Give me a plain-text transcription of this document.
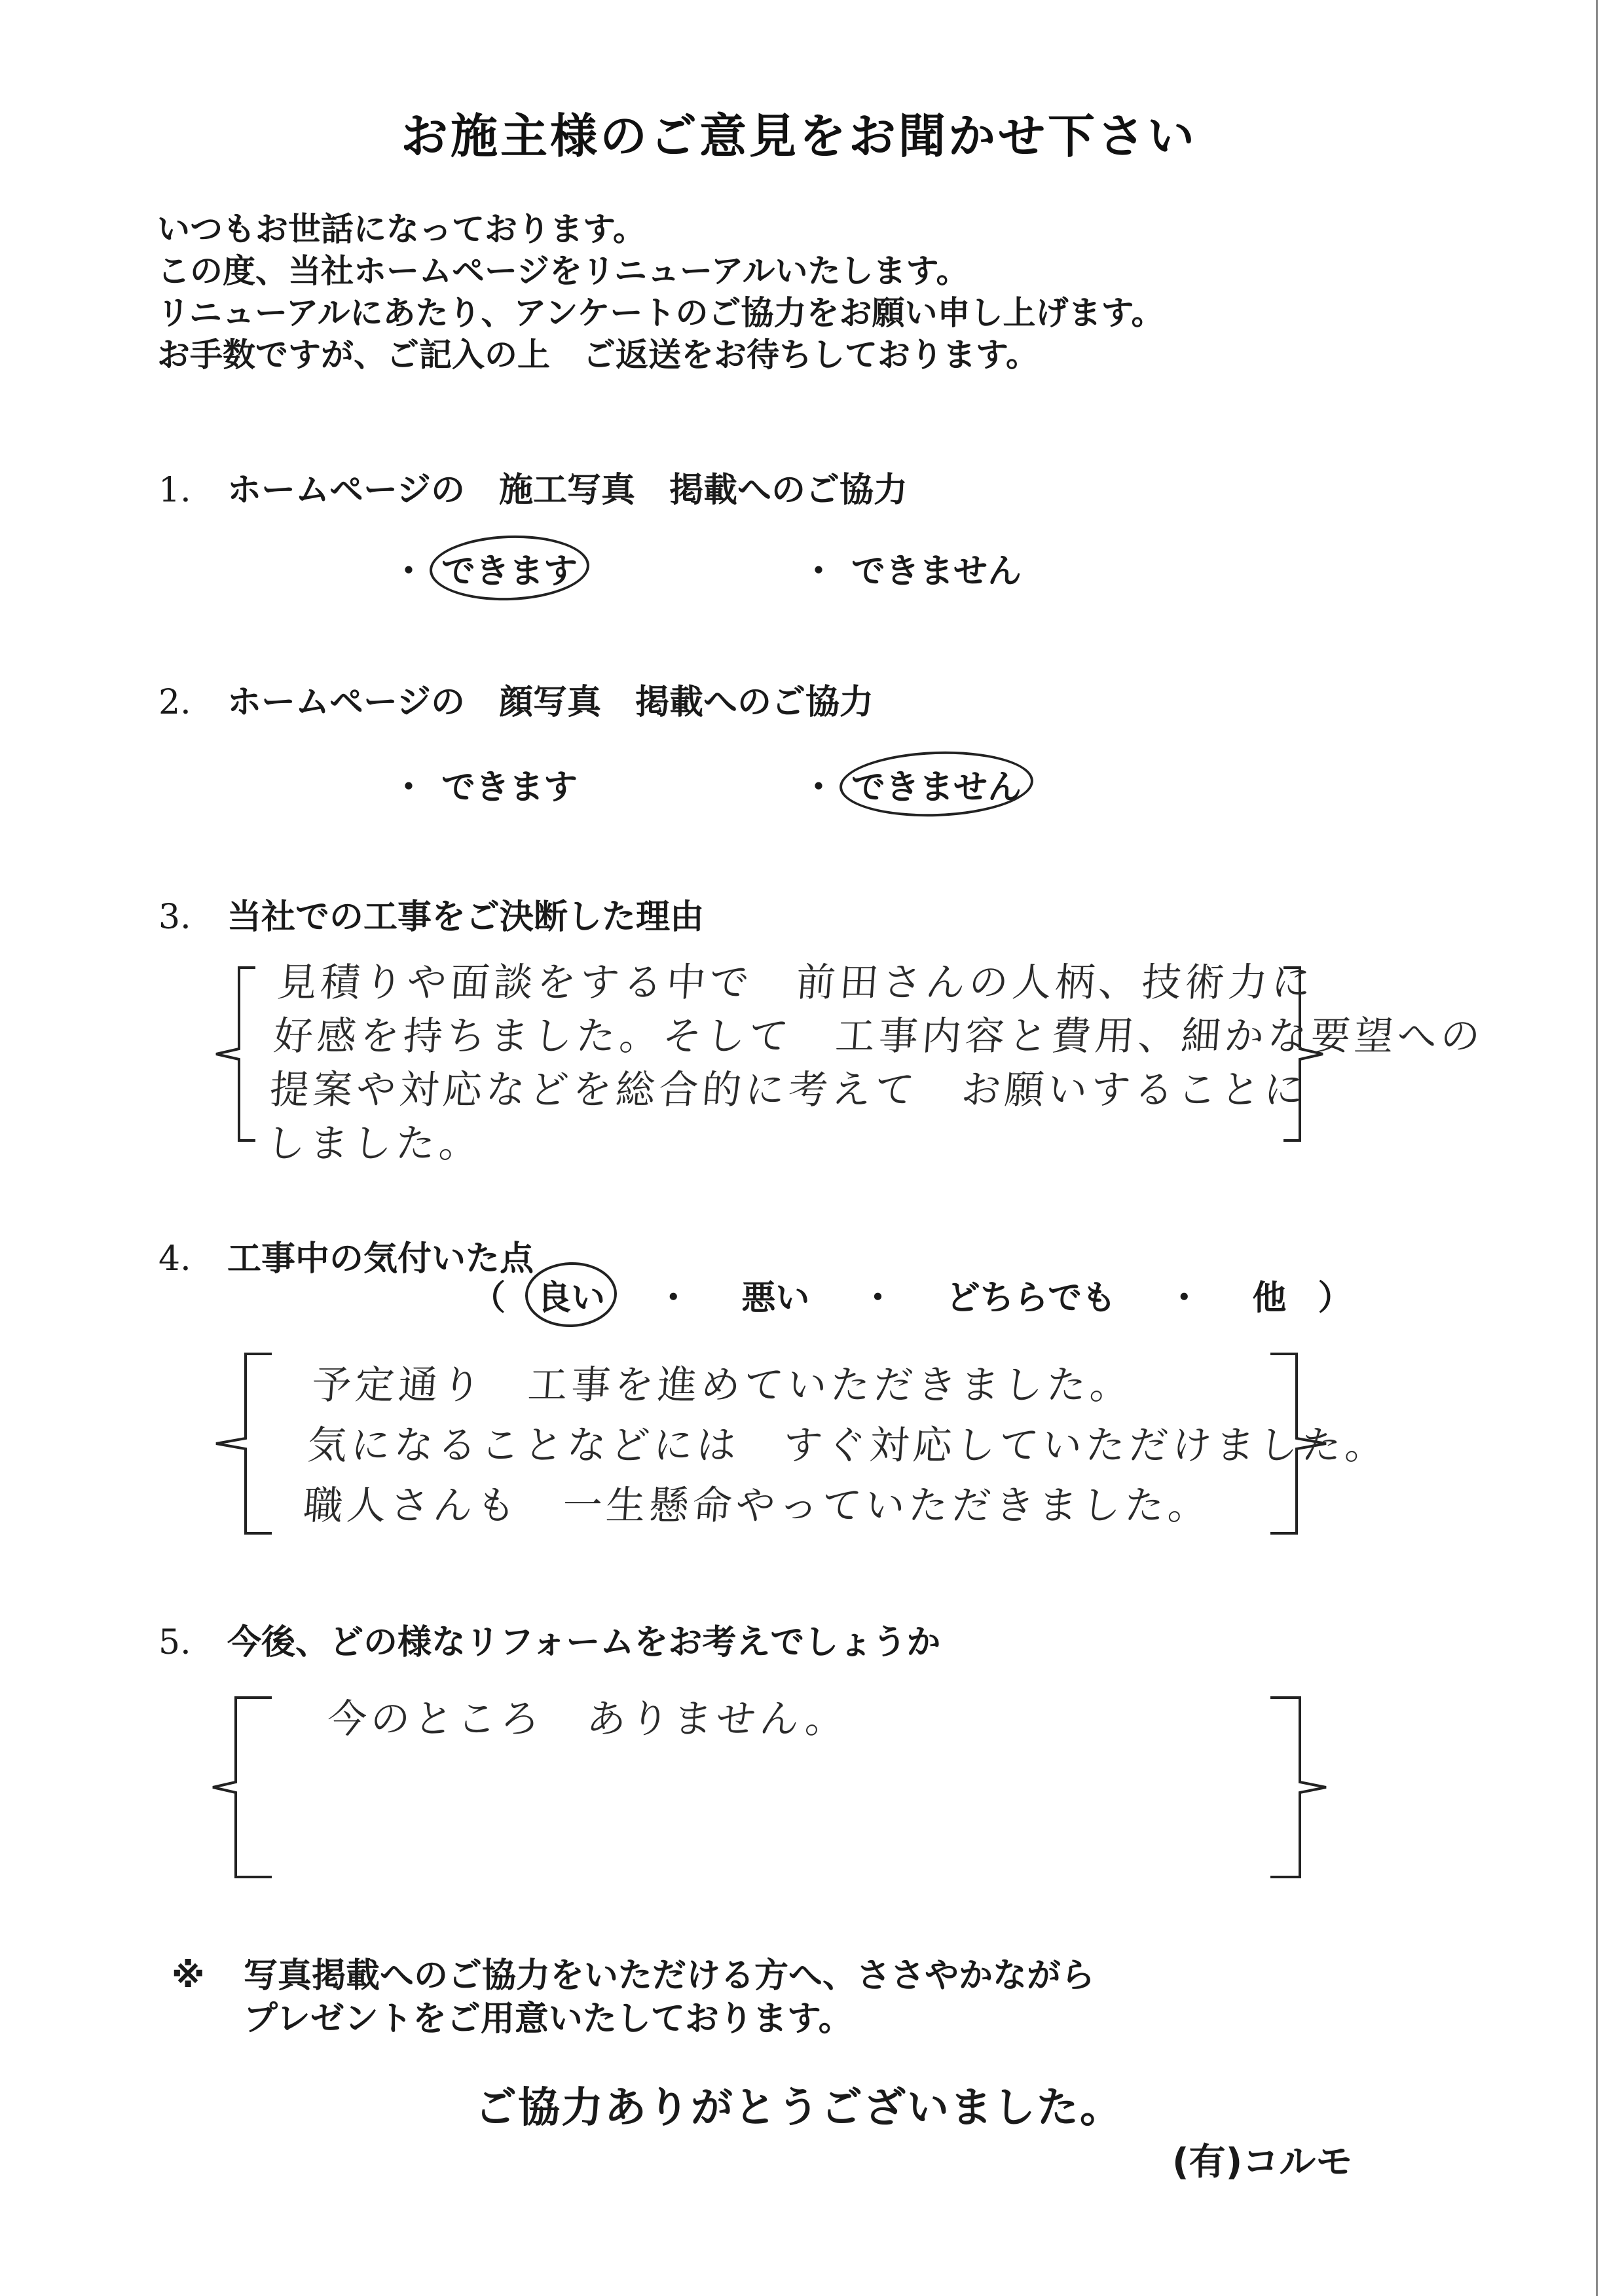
お施主様のご意見をお聞かせ下さい
いつもお世話になっております。
この度、当社ホームページをリニューアルいたします。
リニューアルにあたり、アンケートのご協力をお願い申し上げます。
お手数ですが、ご記入の上　ご返送をお待ちしております。
1. ホームページの　施工写真　掲載へのご協力
・ できます	・ できません
2. ホームページの　顔写真　掲載へのご協力
・ できます	・ できません
3. 当社での工事をご決断した理由
見積りや面談をする中で　前田さんの人柄、技術力に
好感を持ちました。そして　工事内容と費用、細かな要望への
提案や対応などを総合的に考えて　お願いすることに
しました。
4. 工事中の気付いた点
（ 良い ・ 悪い ・ どちらでも ・ 他 ）
予定通り　工事を進めていただきました。
気になることなどには　すぐ対応していただけました。
職人さんも　一生懸命やっていただきました。
5. 今後、どの様なリフォームをお考えでしょうか
今のところ　ありません。
※ 写真掲載へのご協力をいただける方へ、ささやかながら
プレゼントをご用意いたしております。
ご協力ありがとうございました。
(有)コルモ
